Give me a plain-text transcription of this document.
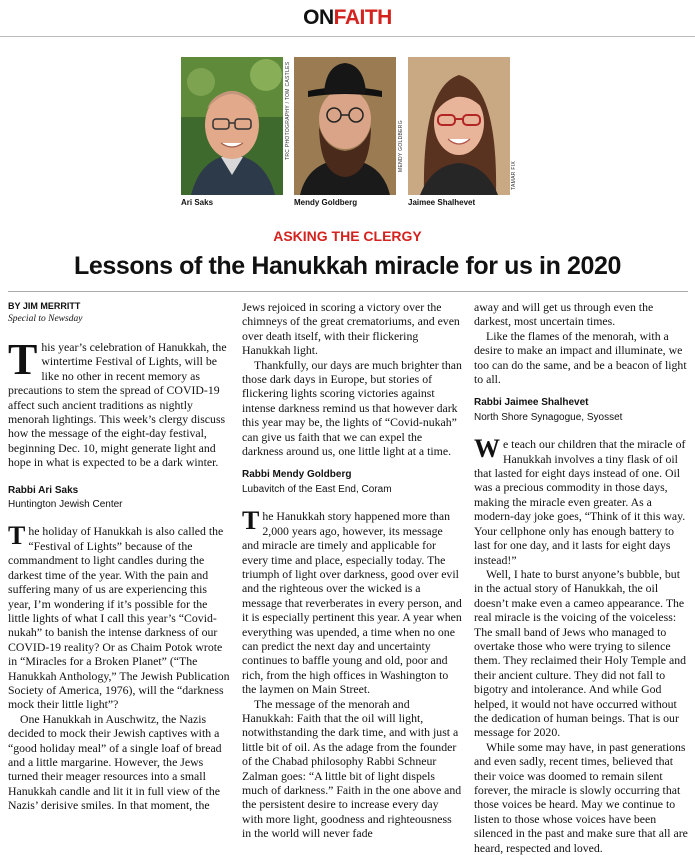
ONFAITH
TRC PHOTOGRAPHY / TOM CASTLES	MENDY GOLDBERG
TAMAR FIX
Ari Saks	Mendy Goldberg	Jaimee Shalhevet
ASKING THE CLERGY
Lessons of the Hanukkah miracle for us in 2020
BY JIM MERRITT
Special to Newsday

This year’s celebration of Hanukkah, the wintertime Festival of Lights, will be like no other in recent memory as precautions to stem the spread of COVID-19 affect such ancient traditions as nightly menorah lightings. This week’s clergy discuss how the message of the eight-day festival, beginning Dec. 10, might generate light and hope in what is expected to be a dark winter.

Rabbi Ari Saks
Huntington Jewish Center

The holiday of Hanukkah is also called the “Festival of Lights” because of the commandment to light candles during the darkest time of the year. With the pain and suffering many of us are experiencing this year, I’m wondering if it’s possible for the little lights of what I call this year’s “Covid-nukah” to banish the intense darkness of our COVID-19 reality? Or as Chaim Potok wrote in “Miracles for a Broken Planet” (“The Hanukkah Anthology,” The Jewish Publication Society of America, 1976), will the “darkness mock their little light”?

One Hanukkah in Auschwitz, the Nazis decided to mock their Jewish captives with a “good holiday meal” of a single loaf of bread and a little margarine. However, the Jews turned their meager resources into a small Hanukkah candle and lit it in full view of the Nazis’ derisive smiles. In that moment, the

Jews rejoiced in scoring a victory over the chimneys of the great crematoriums, and even over death itself, with their flickering Hanukkah light.

Thankfully, our days are much brighter than those dark days in Europe, but stories of flickering lights scoring victories against intense darkness remind us that however dark this year may be, the lights of “Covid-nukah” can give us faith that we can expel the darkness around us, one little light at a time.

Rabbi Mendy Goldberg
Lubavitch of the East End, Coram

The Hanukkah story happened more than 2,000 years ago, however, its message and miracle are timely and applicable for every time and place, especially today. The triumph of light over darkness, good over evil and the righteous over the wicked is a message that reverberates in every person, and it is especially pertinent this year. A year when everything was upended, a time when no one can predict the next day and uncertainty continues to baffle young and old, poor and rich, from the high offices in Washington to the laymen on Main Street.

The message of the menorah and Hanukkah: Faith that the oil will light, notwithstanding the dark time, and with just a little bit of oil. As the adage from the founder of the Chabad philosophy Rabbi Schneur Zalman goes: “A little bit of light dispels much of darkness.” Faith in the one above and the persistent desire to increase every day with more light, goodness and righteousness in the world will never fade

away and will get us through even the darkest, most uncertain times.

Like the flames of the menorah, with a desire to make an impact and illuminate, we too can do the same, and be a beacon of light to all.

Rabbi Jaimee Shalhevet
North Shore Synagogue, Syosset

We teach our children that the miracle of Hanukkah involves a tiny flask of oil that lasted for eight days instead of one. Oil was a precious commodity in those days, making the miracle even greater. As a modern-day joke goes, “Think of it this way. Your cellphone only has enough battery to last for one day, and it lasts for eight days instead!”

Well, I hate to burst anyone’s bubble, but in the actual story of Hanukkah, the oil doesn’t make even a cameo appearance. The real miracle is the voicing of the voiceless: The small band of Jews who managed to overtake those who were trying to silence them. They reclaimed their Holy Temple and their ancient culture. They did not fall to bigotry and intolerance. And while God helped, it would not have occurred without the dedication of human beings. That is our message for 2020.

While some may have, in past generations and even sadly, recent times, believed that their voice was doomed to remain silent forever, the miracle is slowly occurring that those voices be heard. May we continue to listen to those whose voices have been silenced in the past and make sure that all are heard, respected and loved.
